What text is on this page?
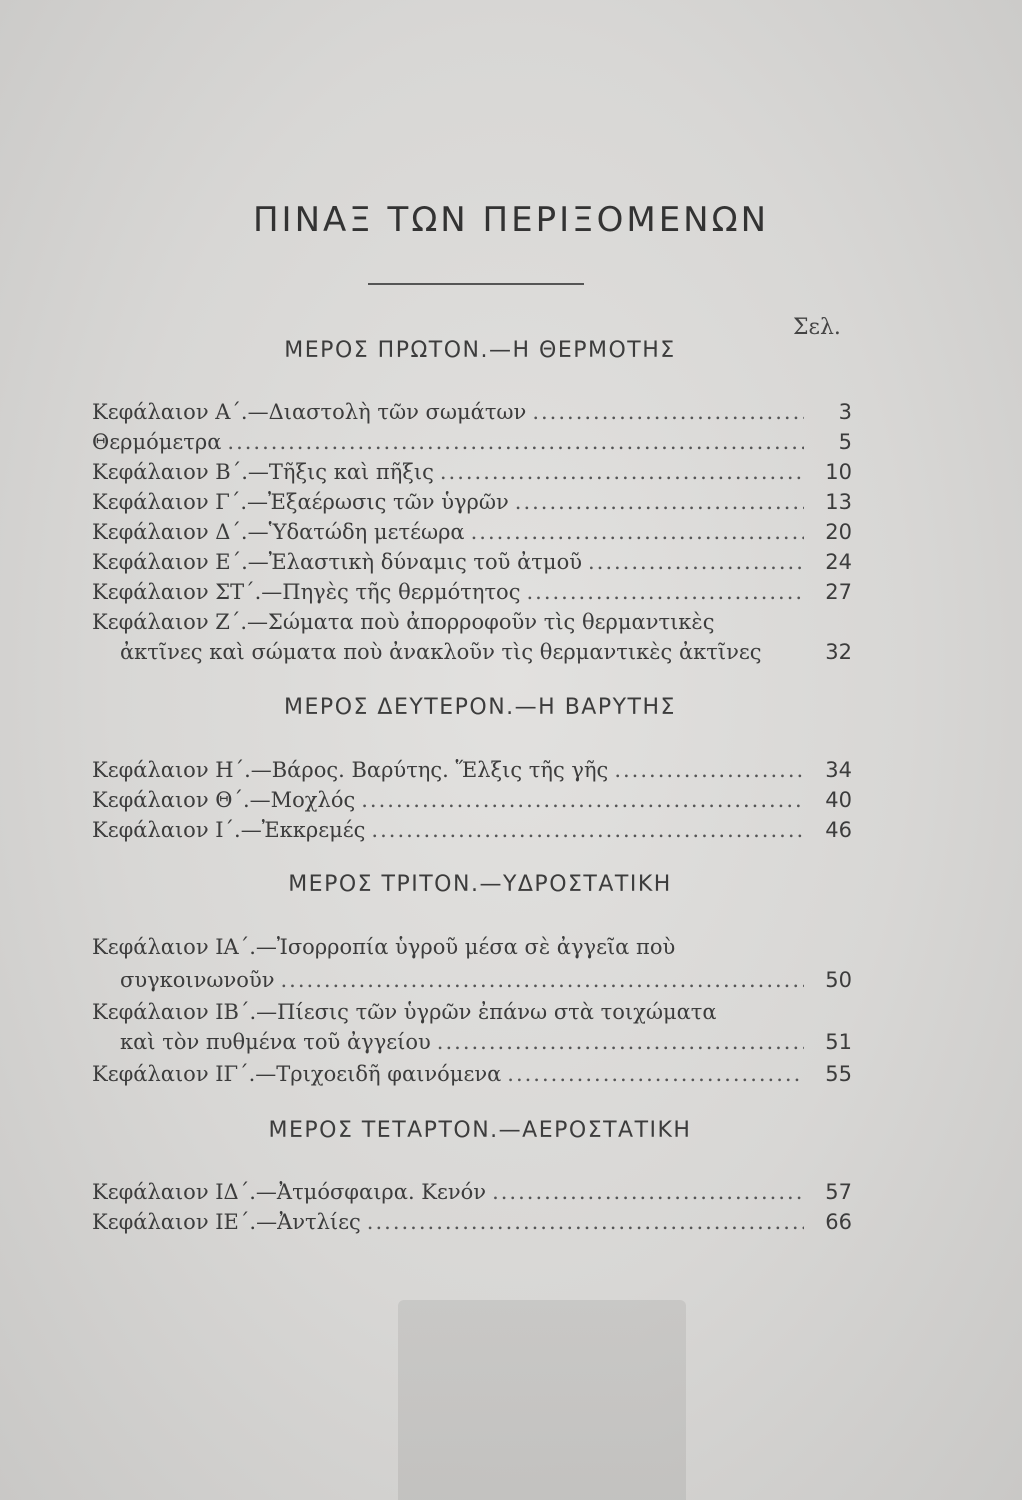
ΠΙΝΑΞ ΤΩΝ ΠΕΡΙΞΟΜΕΝΩΝ
Σελ.
ΜΕΡΟΣ ΠΡΩΤΟΝ.—Η ΘΕΡΜΟΤΗΣ
Κεφάλαιον Α΄.—Διαστολὴ τῶν σωμάτων .....	3
Θερμόμετρα .....	5
Κεφάλαιον Β΄.—Τῆξις καὶ πῆξις .....	10
Κεφάλαιον Γ΄.—Ἐξαέρωσις τῶν ὑγρῶν .....	13
Κεφάλαιον Δ΄.—Ὑδατώδη μετέωρα .....	20
Κεφάλαιον Ε΄.—Ἐλαστικὴ δύναμις τοῦ ἀτμοῦ .....	24
Κεφάλαιον ΣΤ΄.—Πηγὲς τῆς θερμότητος .....	27
Κεφάλαιον Ζ΄.—Σώματα ποὺ ἀπορροφοῦν τὶς θερμαντικὲς
ἀκτῖνες καὶ σώματα ποὺ ἀνακλοῦν τὶς θερμαντικὲς ἀκτῖνες	32
ΜΕΡΟΣ ΔΕΥΤΕΡΟΝ.—Η ΒΑΡΥΤΗΣ
Κεφάλαιον Η΄.—Βάρος. Βαρύτης. Ἕλξις τῆς γῆς .....	34
Κεφάλαιον Θ΄.—Μοχλός .....	40
Κεφάλαιον Ι΄.—Ἐκκρεμές .....	46
ΜΕΡΟΣ ΤΡΙΤΟΝ.—ΥΔΡΟΣΤΑΤΙΚΗ
Κεφάλαιον ΙΑ΄.—Ἰσορροπία ὑγροῦ μέσα σὲ ἀγγεῖα ποὺ
συγκοινωνοῦν .....	50
Κεφάλαιον ΙΒ΄.—Πίεσις τῶν ὑγρῶν ἐπάνω στὰ τοιχώματα
καὶ τὸν πυθμένα τοῦ ἀγγείου .....	51
Κεφάλαιον ΙΓ΄.—Τριχοειδῆ φαινόμενα .....	55
ΜΕΡΟΣ ΤΕΤΑΡΤΟΝ.—ΑΕΡΟΣΤΑΤΙΚΗ
Κεφάλαιον ΙΔ΄.—Ἀτμόσφαιρα. Κενόν .....	57
Κεφάλαιον ΙΕ΄.—Ἀντλίες .....	66
